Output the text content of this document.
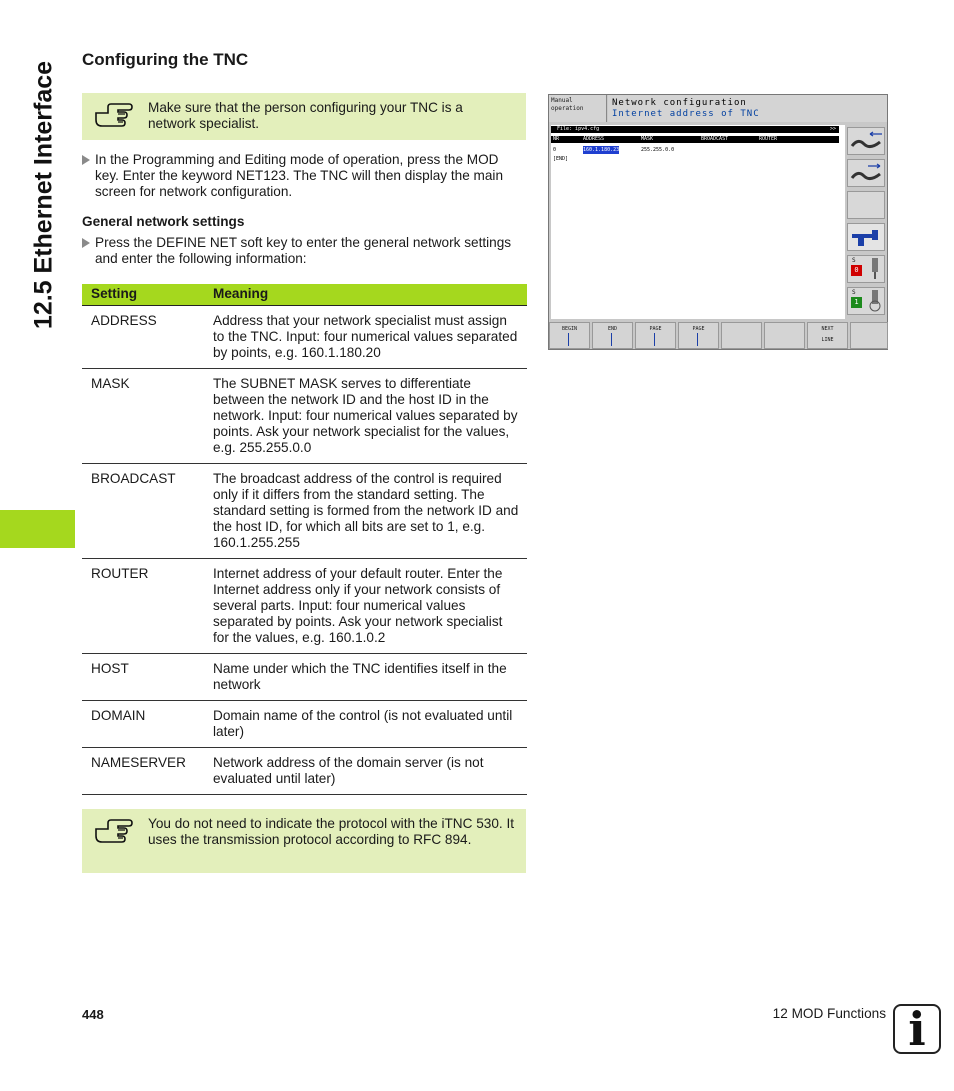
12.5 Ethernet Interface
Configuring the TNC
Make sure that the person configuring your TNC is a network specialist.
In the Programming and Editing mode of operation, press the MOD key. Enter the keyword NET123. The TNC will then display the main screen for network configuration.
General network settings
Press the DEFINE NET soft key to enter the general network settings and enter the following information:
Setting	Meaning
ADDRESS	Address that your network specialist must assign to the TNC. Input: four numerical values separated by points, e.g. 160.1.180.20
MASK	The SUBNET MASK serves to differentiate between the network ID and the host ID in the network. Input: four numerical values separated by points. Ask your network specialist for the values, e.g. 255.255.0.0
BROADCAST	The broadcast address of the control is required only if it differs from the standard setting. The standard setting is formed from the network ID and the host ID, for which all bits are set to 1, e.g. 160.1.255.255
ROUTER	Internet address of your default router. Enter the Internet address only if your network consists of several parts. Input: four numerical values separated by points. Ask your network specialist for the values, e.g. 160.1.0.2
HOST	Name under which the TNC identifies itself in the network
DOMAIN	Domain name of the control (is not evaluated until later)
NAMESERVER Network address of the domain server (is not evaluated until later)
You do not need to indicate the protocol with the iTNC 530. It uses the transmission protocol according to RFC 894.
Manual
operation
Network configuration
Internet address of TNC
File: ipv4.cfg	>>
NR	ADDRESS	MASK	BROADCAST	ROUTER
0	160.1.180.23	255.255.0.0
[END]
S
0
S
1
BEGIN	END	PAGE	PAGE	NEXT
LINE
448	12 MOD Functions i
